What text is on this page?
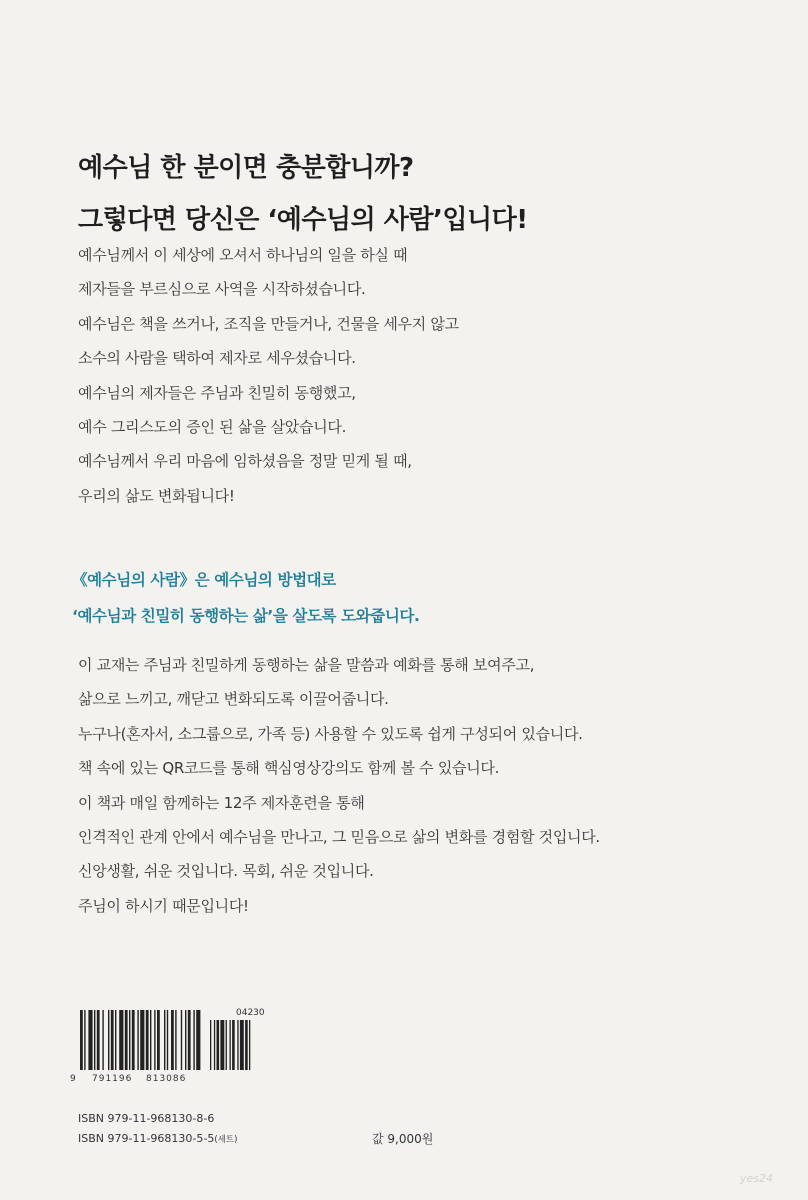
예수님 한 분이면 충분합니까?
그렇다면 당신은 ‘예수님의 사람’입니다!
예수님께서 이 세상에 오셔서 하나님의 일을 하실 때
제자들을 부르심으로 사역을 시작하셨습니다.
예수님은 책을 쓰거나, 조직을 만들거나, 건물을 세우지 않고
소수의 사람을 택하여 제자로 세우셨습니다.
예수님의 제자들은 주님과 친밀히 동행했고,
예수 그리스도의 증인 된 삶을 살았습니다.
예수님께서 우리 마음에 임하셨음을 정말 믿게 될 때,
우리의 삶도 변화됩니다!
《예수님의 사람》은 예수님의 방법대로
‘예수님과 친밀히 동행하는 삶’을 살도록 도와줍니다.
이 교재는 주님과 친밀하게 동행하는 삶을 말씀과 예화를 통해 보여주고,
삶으로 느끼고, 깨닫고 변화되도록 이끌어줍니다.
누구나(혼자서, 소그룹으로, 가족 등) 사용할 수 있도록 쉽게 구성되어 있습니다.
책 속에 있는 QR코드를 통해 핵심영상강의도 함께 볼 수 있습니다.
이 책과 매일 함께하는 12주 제자훈련을 통해
인격적인 관계 안에서 예수님을 만나고, 그 믿음으로 삶의 변화를 경험할 것입니다.
신앙생활, 쉬운 것입니다. 목회, 쉬운 것입니다.
주님이 하시기 때문입니다!
04230
9 791196 813086
ISBN 979-11-968130-8-6
ISBN 979-11-968130-5-5(세트)	값 9,000원
yes24
